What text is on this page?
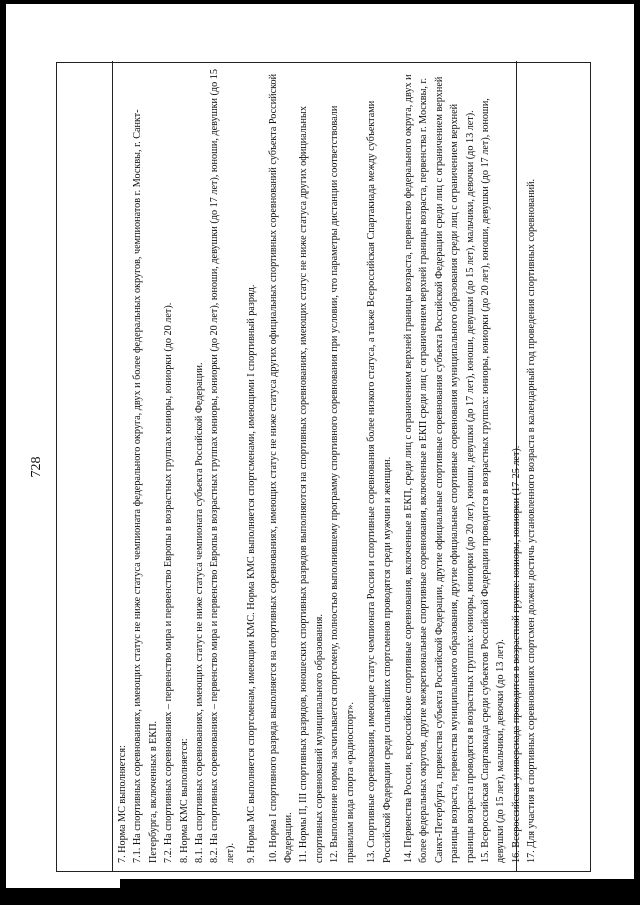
728

7. Норма МС выполняется: 7.1. На спортивных соревнованиях, имеющих статус не ниже статуса чемпионата федерального округа, двух и более федеральных округов, чемпионатов г. Москвы, г. Санкт-Петербурга, включенных в ЕКП. 7.2. На спортивных соревнованиях – первенство мира и первенство Европы в возрастных группах юниоры, юниорки (до 20 лет). 8. Норма КМС выполняется: 8.1. На спортивных соревнованиях, имеющих статус не ниже статуса чемпионата субъекта Российской Федерации. 8.2. На спортивных соревнованиях – первенство мира и первенство Европы в возрастных группах юниоры, юниорки (до 20 лет), юноши, девушки (до 17 лет), юноши, девушки (до 15 лет). 9. Норма МС выполняется спортсменам, имеющим КМС. Норма КМС выполняется спортсменами, имеющими I спортивный разряд. 10. Норма I спортивного разряда выполняется на спортивных соревнованиях, имеющих статус не ниже статуса других официальных спортивных соревнований субъекта Российской Федерации. 11. Нормы II, III спортивных разрядов, юношеских спортивных разрядов выполняются на спортивных соревнованиях, имеющих статус не ниже статуса других официальных спортивных соревнований муниципального образования. 12. Выполнение нормы засчитывается спортсмену, полностью выполнившему программу спортивного соревнования при условии, что параметры дистанции соответствовали правилам вида спорта «радиоспорт». 13. Спортивные соревнования, имеющие статус чемпионата России и спортивные соревнования более низкого статуса, а также Всероссийская Спартакиада между субъектами Российской Федерации среди сильнейших спортсменов проводятся среди мужчин и женщин. 14. Первенства России, всероссийские спортивные соревнования, включенные в ЕКП, среди лиц с ограничением верхней границы возраста, первенство федерального округа, двух и более федеральных округов, другие межрегиональные спортивные соревнования, включенные в ЕКП среди лиц с ограничением верхней границы возраста, первенства г. Москвы, г. Санкт-Петербурга, первенства субъекта Российской Федерации, другие официальные спортивные соревнования субъекта Российской Федерации среди лиц с ограничением верхней границы возраста, первенства муниципального образования, другие официальные спортивные соревнования муниципального образования среди лиц с ограничением верхней границы возраста проводятся в возрастных группах: юниоры, юниорки (до 20 лет), юноши, девушки (до 17 лет), юноши, девушки (до 15 лет), мальчики, девочки (до 13 лет). 15. Всероссийская Спартакиада среди субъектов Российской Федерации проводится в возрастных группах: юниоры, юниорки (до 20 лет), юноши, девушки (до 17 лет), юноши, девушки (до 15 лет), мальчики, девочки (до 13 лет). 16. Всероссийская универсиада проводится в возрастной группе: юниоры, юниорки (17-25 лет). 17. Для участия в спортивных соревнованиях спортсмен должен достичь установленного возраста в календарный год проведения спортивных соревнований.
